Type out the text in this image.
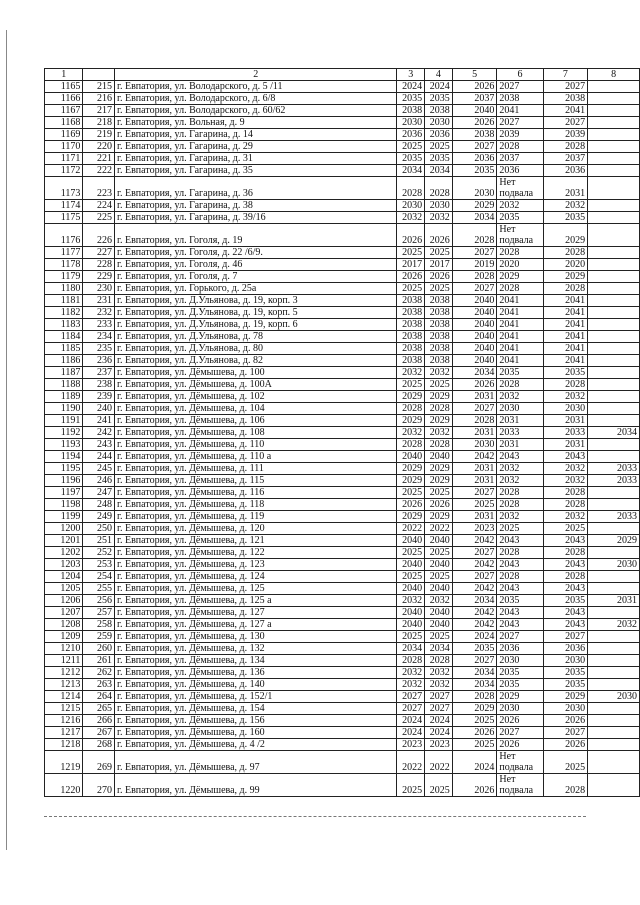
1		2	3	4	5	6	7	8
1165	215	г. Евпатория, ул. Володарского, д. 5 /11	2024	2024	2026	2027	2027	
1166	216	г. Евпатория, ул. Володарского, д. 6/8	2035	2035	2037	2038	2038	
1167	217	г. Евпатория, ул. Володарского, д. 60/62	2038	2038	2040	2041	2041	
1168	218	г. Евпатория, ул. Вольная, д. 9	2030	2030	2026	2027	2027	
1169	219	г. Евпатория, ул. Гагарина, д. 14	2036	2036	2038	2039	2039	
1170	220	г. Евпатория, ул. Гагарина, д. 29	2025	2025	2027	2028	2028	
1171	221	г. Евпатория, ул. Гагарина, д. 31	2035	2035	2036	2037	2037	
1172	222	г. Евпатория, ул. Гагарина, д. 35	2034	2034	2035	2036	2036	
1173	223	г. Евпатория, ул. Гагарина, д. 36	2028	2028	2030	Нет подвала	2031	
1174	224	г. Евпатория, ул. Гагарина, д. 38	2030	2030	2029	2032	2032	
1175	225	г. Евпатория, ул. Гагарина, д. 39/16	2032	2032	2034	2035	2035	
1176	226	г. Евпатория, ул. Гоголя, д. 19	2026	2026	2028	Нет подвала	2029	
1177	227	г. Евпатория, ул. Гоголя, д. 22 /6/9.	2025	2025	2027	2028	2028	
1178	228	г. Евпатория, ул. Гоголя, д. 46	2017	2017	2019	2020	2020	
1179	229	г. Евпатория, ул. Гоголя, д. 7	2026	2026	2028	2029	2029	
1180	230	г. Евпатория, ул. Горького, д. 25а	2025	2025	2027	2028	2028	
1181	231	г. Евпатория, ул. Д.Ульянова, д. 19, корп. 3	2038	2038	2040	2041	2041	
1182	232	г. Евпатория, ул. Д.Ульянова, д. 19, корп. 5	2038	2038	2040	2041	2041	
1183	233	г. Евпатория, ул. Д.Ульянова, д. 19, корп. 6	2038	2038	2040	2041	2041	
1184	234	г. Евпатория, ул. Д.Ульянова, д. 78	2038	2038	2040	2041	2041	
1185	235	г. Евпатория, ул. Д.Ульянова, д. 80	2038	2038	2040	2041	2041	
1186	236	г. Евпатория, ул. Д.Ульянова, д. 82	2038	2038	2040	2041	2041	
1187	237	г. Евпатория, ул. Дёмышева, д. 100	2032	2032	2034	2035	2035	
1188	238	г. Евпатория, ул. Дёмышева, д. 100А	2025	2025	2026	2028	2028	
1189	239	г. Евпатория, ул. Дёмышева, д. 102	2029	2029	2031	2032	2032	
1190	240	г. Евпатория, ул. Дёмышева, д. 104	2028	2028	2027	2030	2030	
1191	241	г. Евпатория, ул. Дёмышева, д. 106	2029	2029	2028	2031	2031	
1192	242	г. Евпатория, ул. Дёмышева, д. 108	2032	2032	2031	2033	2033	2034
1193	243	г. Евпатория, ул. Дёмышева, д. 110	2028	2028	2030	2031	2031	
1194	244	г. Евпатория, ул. Дёмышева, д. 110 а	2040	2040	2042	2043	2043	
1195	245	г. Евпатория, ул. Дёмышева, д. 111	2029	2029	2031	2032	2032	2033
1196	246	г. Евпатория, ул. Дёмышева, д. 115	2029	2029	2031	2032	2032	2033
1197	247	г. Евпатория, ул. Дёмышева, д. 116	2025	2025	2027	2028	2028	
1198	248	г. Евпатория, ул. Дёмышева, д. 118	2026	2026	2025	2028	2028	
1199	249	г. Евпатория, ул. Дёмышева, д. 119	2029	2029	2031	2032	2032	2033
1200	250	г. Евпатория, ул. Дёмышева, д. 120	2022	2022	2023	2025	2025	
1201	251	г. Евпатория, ул. Дёмышева, д. 121	2040	2040	2042	2043	2043	2029
1202	252	г. Евпатория, ул. Дёмышева, д. 122	2025	2025	2027	2028	2028	
1203	253	г. Евпатория, ул. Дёмышева, д. 123	2040	2040	2042	2043	2043	2030
1204	254	г. Евпатория, ул. Дёмышева, д. 124	2025	2025	2027	2028	2028	
1205	255	г. Евпатория, ул. Дёмышева, д. 125	2040	2040	2042	2043	2043	
1206	256	г. Евпатория, ул. Дёмышева, д. 125 а	2032	2032	2034	2035	2035	2031
1207	257	г. Евпатория, ул. Дёмышева, д. 127	2040	2040	2042	2043	2043	
1208	258	г. Евпатория, ул. Дёмышева, д. 127 а	2040	2040	2042	2043	2043	2032
1209	259	г. Евпатория, ул. Дёмышева, д. 130	2025	2025	2024	2027	2027	
1210	260	г. Евпатория, ул. Дёмышева, д. 132	2034	2034	2035	2036	2036	
1211	261	г. Евпатория, ул. Дёмышева, д. 134	2028	2028	2027	2030	2030	
1212	262	г. Евпатория, ул. Дёмышева, д. 136	2032	2032	2034	2035	2035	
1213	263	г. Евпатория, ул. Дёмышева, д. 140	2032	2032	2034	2035	2035	
1214	264	г. Евпатория, ул. Дёмышева, д. 152/1	2027	2027	2028	2029	2029	2030
1215	265	г. Евпатория, ул. Дёмышева, д. 154	2027	2027	2029	2030	2030	
1216	266	г. Евпатория, ул. Дёмышева, д. 156	2024	2024	2025	2026	2026	
1217	267	г. Евпатория, ул. Дёмышева, д. 160	2024	2024	2026	2027	2027	
1218	268	г. Евпатория, ул. Дёмышева, д. 4 /2	2023	2023	2025	2026	2026	
1219	269	г. Евпатория, ул. Дёмышева, д. 97	2022	2022	2024	Нет подвала	2025	
1220	270	г. Евпатория, ул. Дёмышева, д. 99	2025	2025	2026	Нет подвала	2028	
